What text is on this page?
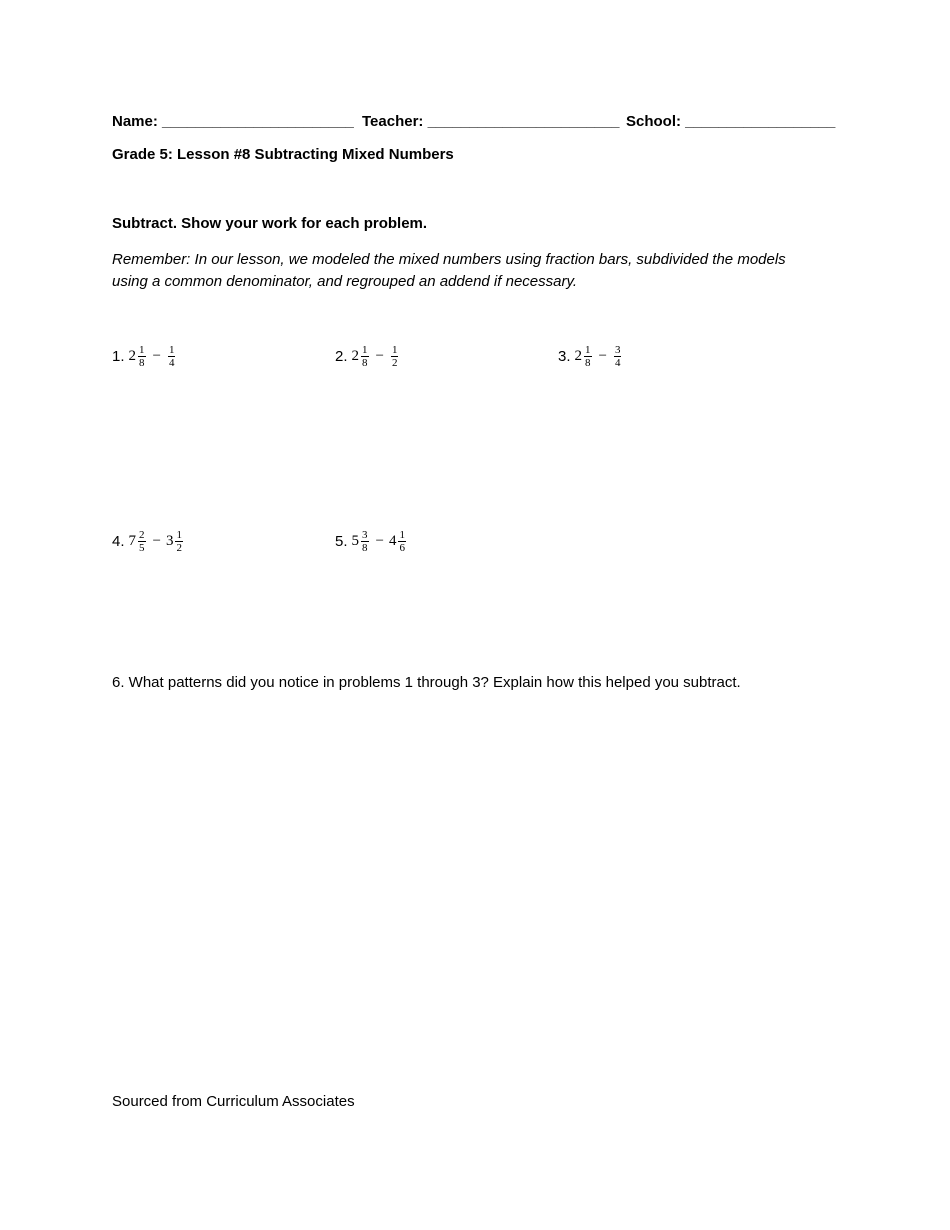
Name: _______________________ Teacher: _______________________ School: __________________
Grade 5: Lesson #8 Subtracting Mixed Numbers
Subtract. Show your work for each problem.
Remember: In our lesson, we modeled the mixed numbers using fraction bars, subdivided the models
using a common denominator, and regrouped an addend if necessary.
1. $2 \frac{1}{8} - \frac{1}{4}$	2. $2 \frac{1}{8} - \frac{1}{2}$	3. $2 \frac{1}{8} - \frac{3}{4}$
4. $7 \frac{2}{5} - 3 \frac{1}{2}$	5. $5 \frac{3}{8} - 4 \frac{1}{6}$
6. What patterns did you notice in problems 1 through 3? Explain how this helped you subtract.
Sourced from Curriculum Associates
